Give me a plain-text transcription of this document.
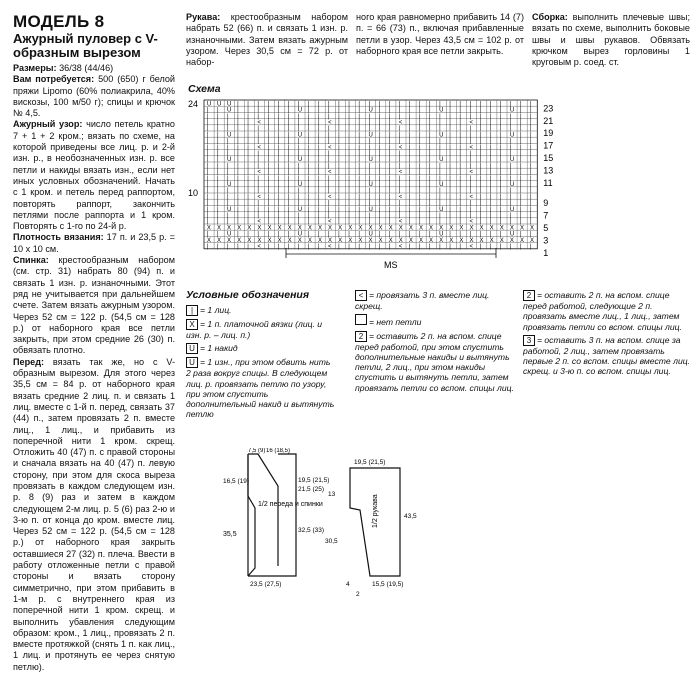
МОДЕЛЬ 8
Ажурный пуловер с V-образным вырезом

Размеры: 36/38 (44/46)

Вам потребуется: 500 (650) г белой пряжи Lipomo (60% полиакрила, 40% вискозы, 100 м/50 г); спицы и крючок № 4,5.

Ажурный узор: число петель кратно 7 + 1 + 2 кром.; вязать по схеме, на которой приведены все лиц. р. и 2-й изн. р., в необозначенных изн. р. все петли и накиды вязать изн., если нет иных условных обозначений. Начать с 1 кром. и петель перед раппортом, повторять раппорт, закончить петлями после раппорта и 1 кром. Повторять с 1-го по 24-й р.

Плотность вязания: 17 п. и 23,5 р. = 10 x 10 см.

Спинка: крестообразным набором (см. стр. 31) набрать 80 (94) п. и связать 1 изн. р. изнаночными. Этот ряд не учитывается при дальнейшем счете. Затем вязать ажурным узором. Через 52 см = 122 р. (54,5 см = 128 р.) от наборного края все петли закрыть, при этом средние 26 (30) п. обвязать плотно.

Перед: вязать так же, но с V-образным вырезом. Для этого через 35,5 см = 84 р. от наборного края вязать средние 2 лиц. п. и связать 1 лиц. вместе с 1-й п. перед, связать 37 (44) п., затем провязать 2 п. вместе лиц., 1 лиц., и прибавить из поперечной нити 1 кром. скрещ. Отложить 40 (47) п. с правой стороны и сначала вязать на 40 (47) п. левую сторону, при этом для скоса выреза провязать в каждом следующем изн. р. 8 (9) раз и затем в каждом следующем 2-м лиц. р. 5 (6) раз 2-ю и 3-ю п. от конца до кром. вместе лиц. Через 52 см = 122 р. (54,5 см = 128 р.) от наборного края закрыть оставшиеся 27 (32) п. плеча. Ввести в работу отложенные петли с правой стороны и вязать сторону симметрично, при этом прибавить в 1-м р. с внутреннего края из поперечной нити 1 кром. скрещ. и выполнить убавления следующим образом: кром., 1 лиц., провязать 2 п. вместе протяжкой (снять 1 п. как лиц., 1 лиц. и протянуть ее через снятую петлю).

Рукава: крестообразным набором набрать 52 (66) п. и связать 1 изн. р. изнаночными. Затем вязать ажурным узором. Через 30,5 см = 72 р. от набор-

ного края равномерно прибавить 14 (7) п. = 66 (73) п., включая прибавленные петли в узор. Через 43,5 см = 102 р. от наборного края все петли закрыть.

Сборка: выполнить плечевые швы; вязать по схеме, выполнить боковые швы и швы рукавов. Обвязать крючком вырез горловины 1 круговым р. соед. ст.

Схема
U U U | | | | | | | | | | | | | | | | | | | | | | | | | | | | | |
| | U | | | | | | U | | | | | | U | | | | | | U | | | | | | U | |
| | | | | | | | | | | | | | | | | | | | | | | | | | | | | | | | |
| | | | | < | | | | | | < | | | | | | < | | | | | | < | | | | | |
| | | | | | | | | | | | | | | | | | | | | | | | | | | | | | | | |
| | U | | | | | | U | | | | | | U | | | | | | U | | | | | | U | |
| | | | | | | | | | | | | | | | | | | | | | | | | | | | | | | | |
| | | | | < | | | | | | < | | | | | | < | | | | | | < | | | | | |
| | | | | | | | | | | | | | | | | | | | | | | | | | | | | | | | |
| | U | | | | | | U | | | | | | U | | | | | | U | | | | | | U | |
| | | | | | | | | | | | | | | | | | | | | | | | | | | | | | | | |
| | | | | < | | | | | | < | | | | | | < | | | | | | < | | | | | |
| | | | | | | | | | | | | | | | | | | | | | | | | | | | | | | | |
| | U | | | | | | U | | | | | | U | | | | | | U | | | | | | U | |
| | | | | | | | | | | | | | | | | | | | | | | | | | | | | | | | |
| | | | | < | | | | | | < | | | | | | < | | | | | | < | | | | | |
| | | | | | | | | | | | | | | | | | | | | | | | | | | | | | | | |
| | U | | | | | | U | | | | | | U | | | | | | U | | | | | | U | |
| | | | | | | | | | | | | | | | | | | | | | | | | | | | | | | | |
| | | | | < | | | | | | < | | | | | | < | | | | | | < | | | | | |
X X X X X X X X X X X X X X X X X X X X X X X X X X X X X X X X X
| | U | | | | | | U | | | | | | U | | | | | | U | | | | | | U | |
X X X X X X X X X X X X X X X X X X X X X X X X X X X X X X X X X
| | | | | < | | | | | | < | | | | | | < | | | | | | < | | | | | |
24
10
23
21
19
17
15
13
11
9
7
5
3
1
MS
Условные обозначения
| = 1 лиц.
X = 1 п. платочной вязки (лиц. и изн. р. – лиц. п.)
U = 1 накид
U = 1 изн., при этом обвить нить 2 раза вокруг спицы. В следующем лиц. р. провязать петлю по узору, при этом спустить дополнительный накид и вытянуть петлю
< = провязать 3 п. вместе лиц. скрещ.
= нет петли
2 = оставить 2 п. на вспом. спице перед работой, при этом спустить дополнительные накиды и вытянуть петли, 2 лиц., при этом накиды спустить и вытянуть петли, затем провязать петли со вспом. спицы лиц.
2 = оставить 2 п. на вспом. спице перед работой, следующие 2 п. провязать вместе лиц., 1 лиц., затем провязать петли со вспом. спицы лиц.
3 = оставить 3 п. на вспом. спице за работой, 2 лиц., затем провязать первые 2 п. со вспом. спицы вместе лиц. скрещ. и 3-ю п. со вспом. спицы лиц.
7,5 (9) 16 (18,5)
16,5 (19)	19,5 (21,5)
21,5 (25)
35,5
32,5 (33)
23,5 (27,5)
1/2 переда и спинки
19,5 (21,5)
13
30,5
43,5
15,5 (19,5)
4
2
1/2 рукава
